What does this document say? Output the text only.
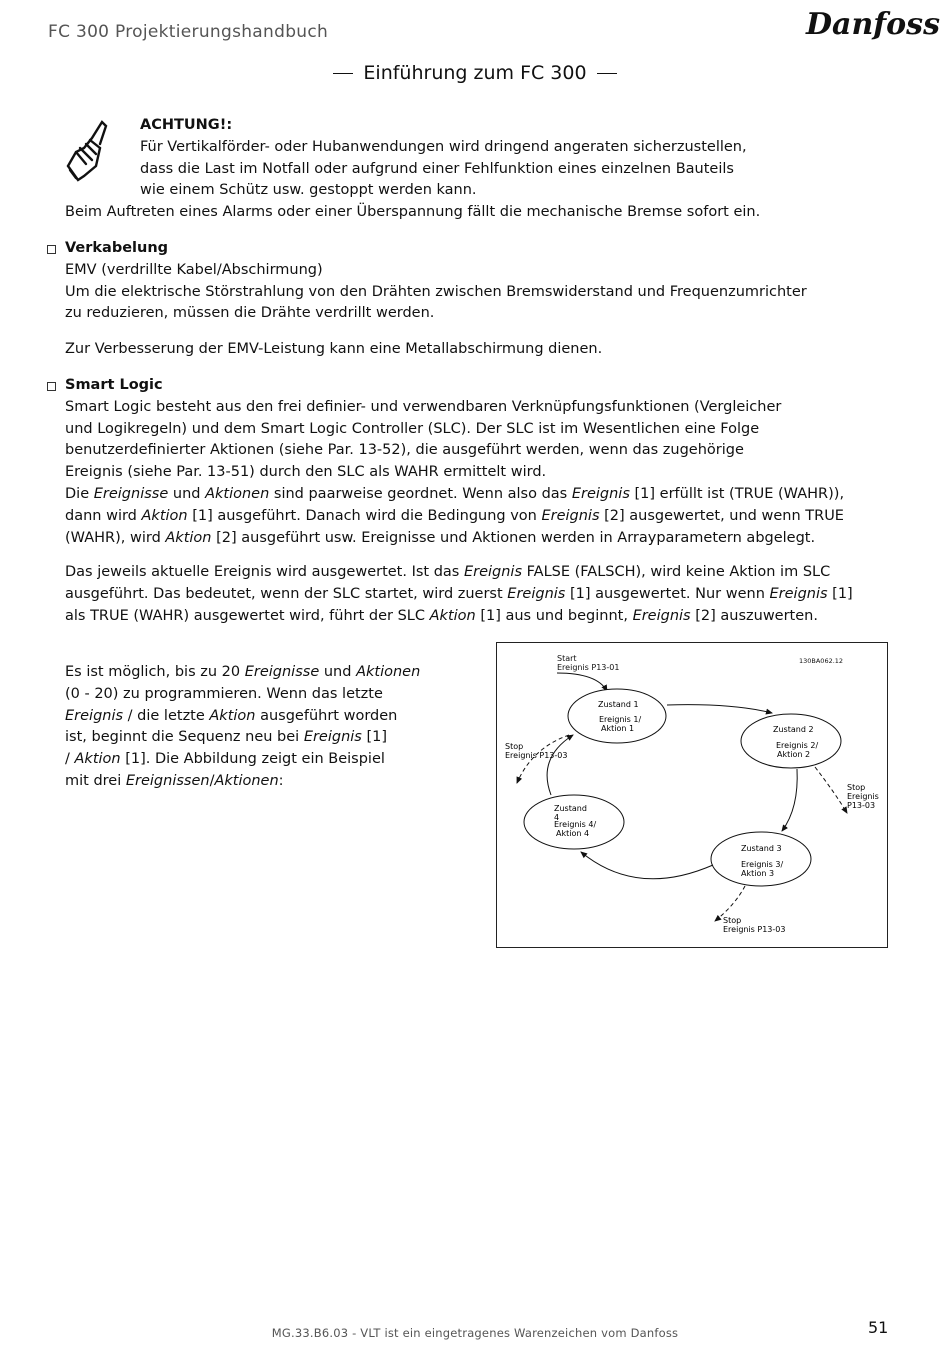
FC 300 Projektierungshandbuch	Danfoss
Einführung zum FC 300
ACHTUNG!:
Für Vertikalförder- oder Hubanwendungen wird dringend angeraten sicherzustellen,
dass die Last im Notfall oder aufgrund einer Fehlfunktion eines einzelnen Bauteils
wie einem Schütz usw. gestoppt werden kann.
Beim Auftreten eines Alarms oder einer Überspannung fällt die mechanische Bremse sofort ein.
Verkabelung
EMV (verdrillte Kabel/Abschirmung)
Um die elektrische Störstrahlung von den Drähten zwischen Bremswiderstand und Frequenzumrichter
zu reduzieren, müssen die Drähte verdrillt werden.
Zur Verbesserung der EMV-Leistung kann eine Metallabschirmung dienen.
Smart Logic
Smart Logic besteht aus den frei definier- und verwendbaren Verknüpfungsfunktionen (Vergleicher
und Logikregeln) und dem Smart Logic Controller (SLC). Der SLC ist im Wesentlichen eine Folge
benutzerdefinierter Aktionen (siehe Par. 13-52), die ausgeführt werden, wenn das zugehörige
Ereignis (siehe Par. 13-51) durch den SLC als WAHR ermittelt wird.
Die Ereignisse und Aktionen sind paarweise geordnet. Wenn also das Ereignis [1] erfüllt ist (TRUE (WAHR)),
dann wird Aktion [1] ausgeführt. Danach wird die Bedingung von Ereignis [2] ausgewertet, und wenn TRUE
(WAHR), wird Aktion [2] ausgeführt usw. Ereignisse und Aktionen werden in Arrayparametern abgelegt.
Das jeweils aktuelle Ereignis wird ausgewertet. Ist das Ereignis FALSE (FALSCH), wird keine Aktion im SLC
ausgeführt. Das bedeutet, wenn der SLC startet, wird zuerst Ereignis [1] ausgewertet. Nur wenn Ereignis [1]
als TRUE (WAHR) ausgewertet wird, führt der SLC Aktion [1] aus und beginnt, Ereignis [2] auszuwerten.
Es ist möglich, bis zu 20 Ereignisse und Aktionen
(0 - 20) zu programmieren. Wenn das letzte
Ereignis / die letzte Aktion ausgeführt worden
ist, beginnt die Sequenz neu bei Ereignis [1]
/ Aktion [1]. Die Abbildung zeigt ein Beispiel
mit drei Ereignissen/Aktionen:
130BA062.12
Start
Ereignis P13-01
Zustand 1
Ereignis 1/
Aktion 1	Zustand 2
Ereignis 2/
Aktion 2
Zustand 3
Ereignis 3/
Aktion 3
Zustand
4
Ereignis 4/
Aktion 4
Stop
Ereignis P13-03
Stop
Ereignis
P13-03
Stop
Ereignis P13-03
MG.33.B6.03 - VLT ist ein eingetragenes Warenzeichen vom Danfoss	51
